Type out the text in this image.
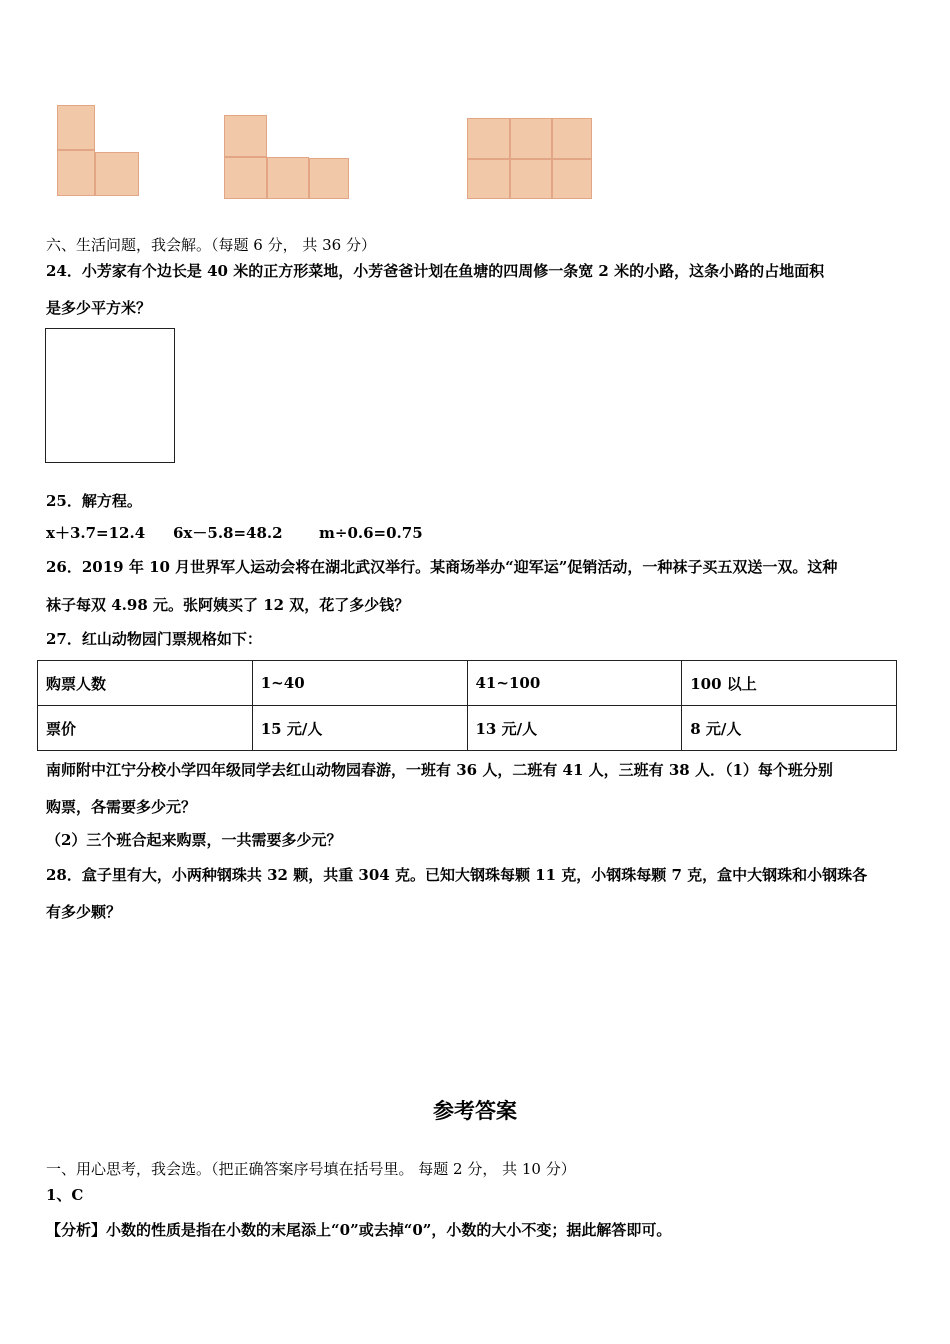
六、生活问题，我会解。（每题 6 分， 共 36 分）
24．小芳家有个边长是 40 米的正方形菜地，小芳爸爸计划在鱼塘的四周修一条宽 2 米的小路，这条小路的占地面积
是多少平方米？
25．解方程。
x＋3.7=12.4 6x－5.8=48.2 m÷0.6=0.75
26．2019 年 10 月世界军人运动会将在湖北武汉举行。某商场举办“迎军运”促销活动，一种袜子买五双送一双。这种
袜子每双 4.98 元。张阿姨买了 12 双，花了多少钱？
27．红山动物园门票规格如下：
购票人数	1~40	41~100	100 以上
票价	15 元/人	13 元/人	8 元/人
南师附中江宁分校小学四年级同学去红山动物园春游，一班有 36 人，二班有 41 人，三班有 38 人．（1）每个班分别
购票，各需要多少元？
（2）三个班合起来购票，一共需要多少元？
28．盒子里有大，小两种钢珠共 32 颗，共重 304 克。已知大钢珠每颗 11 克，小钢珠每颗 7 克，盒中大钢珠和小钢珠各
有多少颗？
参考答案
一、用心思考，我会选。（把正确答案序号填在括号里。 每题 2 分， 共 10 分）
1、C
【分析】小数的性质是指在小数的末尾添上“0”或去掉“0”，小数的大小不变；据此解答即可。
